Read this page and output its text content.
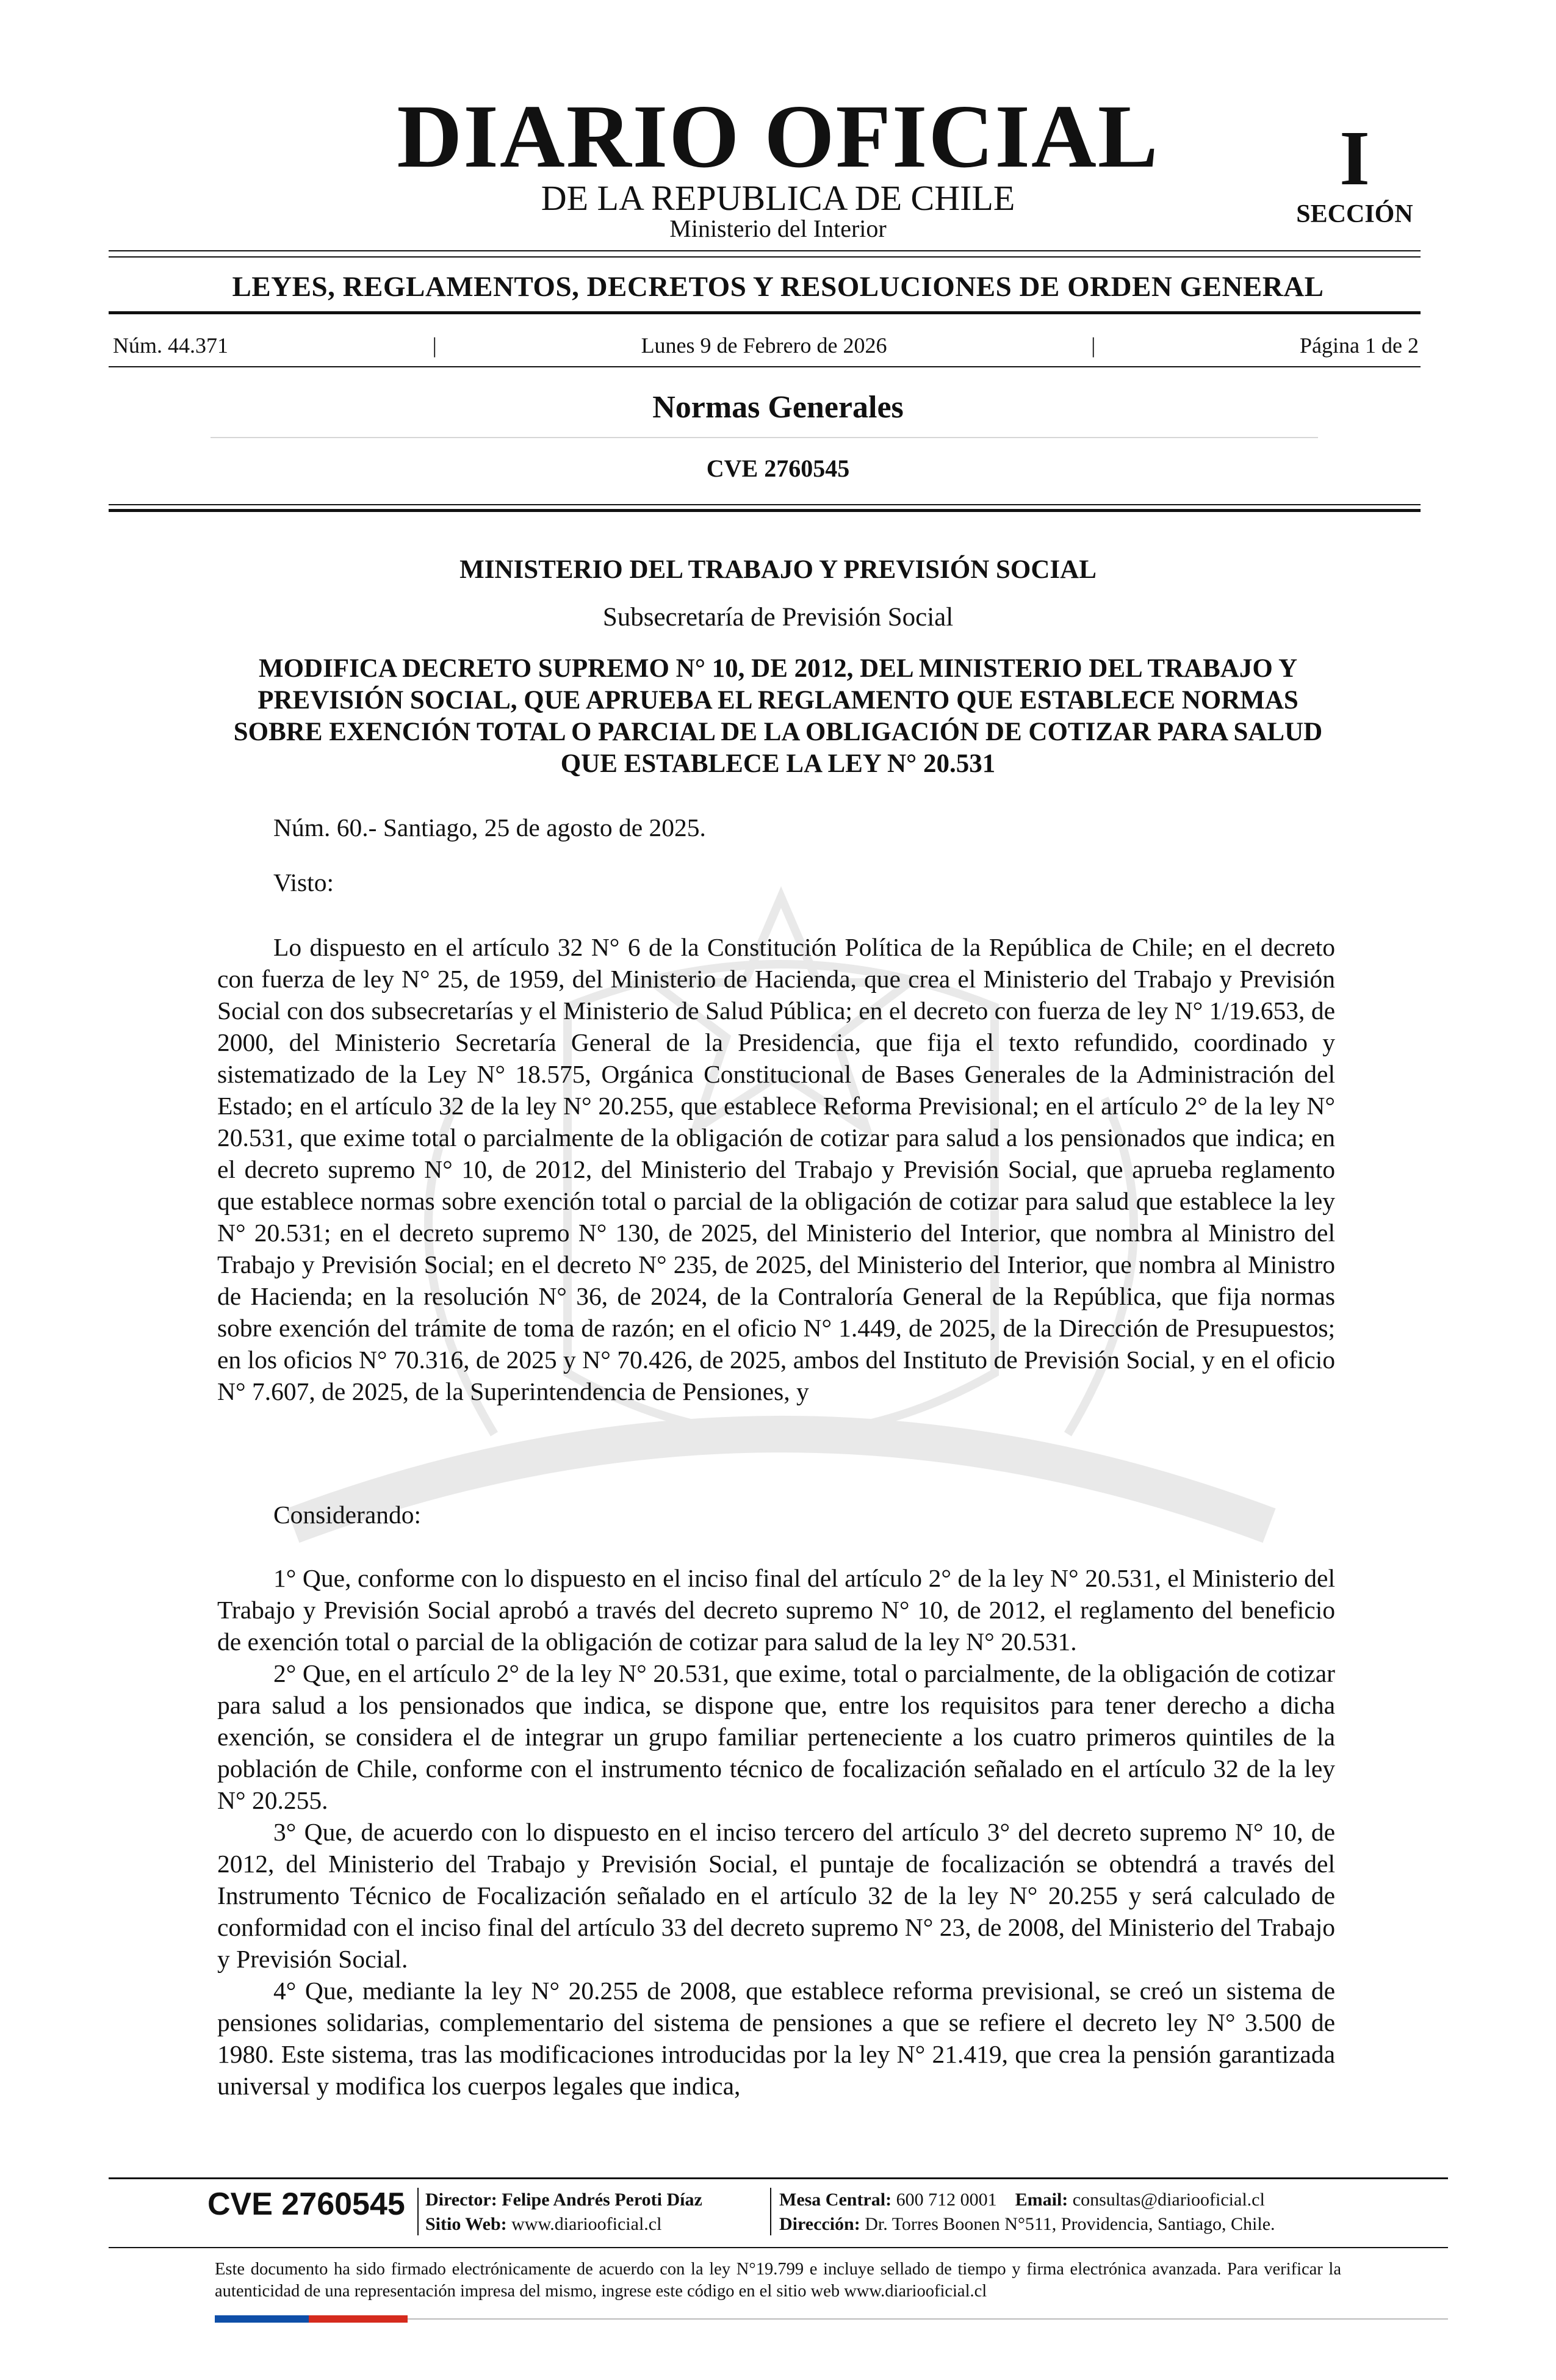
DIARIO OFICIAL
DE LA REPUBLICA DE CHILE
Ministerio del Interior
I
SECCIÓN
LEYES, REGLAMENTOS, DECRETOS Y RESOLUCIONES DE ORDEN GENERAL
Núm. 44.371	|	Lunes 9 de Febrero de 2026	|	Página 1 de 2
Normas Generales
CVE 2760545
MINISTERIO DEL TRABAJO Y PREVISIÓN SOCIAL
Subsecretaría de Previsión Social
MODIFICA DECRETO SUPREMO N° 10, DE 2012, DEL MINISTERIO DEL TRABAJO Y PREVISIÓN SOCIAL, QUE APRUEBA EL REGLAMENTO QUE ESTABLECE NORMAS SOBRE EXENCIÓN TOTAL O PARCIAL DE LA OBLIGACIÓN DE COTIZAR PARA SALUD QUE ESTABLECE LA LEY N° 20.531

Núm. 60.- Santiago, 25 de agosto de 2025.

Visto:

Lo dispuesto en el artículo 32 N° 6 de la Constitución Política de la República de Chile; en el decreto con fuerza de ley N° 25, de 1959, del Ministerio de Hacienda, que crea el Ministerio del Trabajo y Previsión Social con dos subsecretarías y el Ministerio de Salud Pública; en el decreto con fuerza de ley N° 1/19.653, de 2000, del Ministerio Secretaría General de la Presidencia, que fija el texto refundido, coordinado y sistematizado de la Ley N° 18.575, Orgánica Constitucional de Bases Generales de la Administración del Estado; en el artículo 32 de la ley N° 20.255, que establece Reforma Previsional; en el artículo 2° de la ley N° 20.531, que exime total o parcialmente de la obligación de cotizar para salud a los pensionados que indica; en el decreto supremo N° 10, de 2012, del Ministerio del Trabajo y Previsión Social, que aprueba reglamento que establece normas sobre exención total o parcial de la obligación de cotizar para salud que establece la ley N° 20.531; en el decreto supremo N° 130, de 2025, del Ministerio del Interior, que nombra al Ministro del Trabajo y Previsión Social; en el decreto N° 235, de 2025, del Ministerio del Interior, que nombra al Ministro de Hacienda; en la resolución N° 36, de 2024, de la Contraloría General de la República, que fija normas sobre exención del trámite de toma de razón; en el oficio N° 1.449, de 2025, de la Dirección de Presupuestos; en los oficios N° 70.316, de 2025 y N° 70.426, de 2025, ambos del Instituto de Previsión Social, y en el oficio N° 7.607, de 2025, de la Superintendencia de Pensiones, y

Considerando:

1° Que, conforme con lo dispuesto en el inciso final del artículo 2° de la ley N° 20.531, el Ministerio del Trabajo y Previsión Social aprobó a través del decreto supremo N° 10, de 2012, el reglamento del beneficio de exención total o parcial de la obligación de cotizar para salud de la ley N° 20.531.

2° Que, en el artículo 2° de la ley N° 20.531, que exime, total o parcialmente, de la obligación de cotizar para salud a los pensionados que indica, se dispone que, entre los requisitos para tener derecho a dicha exención, se considera el de integrar un grupo familiar perteneciente a los cuatro primeros quintiles de la población de Chile, conforme con el instrumento técnico de focalización señalado en el artículo 32 de la ley N° 20.255.

3° Que, de acuerdo con lo dispuesto en el inciso tercero del artículo 3° del decreto supremo N° 10, de 2012, del Ministerio del Trabajo y Previsión Social, el puntaje de focalización se obtendrá a través del Instrumento Técnico de Focalización señalado en el artículo 32 de la ley N° 20.255 y será calculado de conformidad con el inciso final del artículo 33 del decreto supremo N° 23, de 2008, del Ministerio del Trabajo y Previsión Social.

4° Que, mediante la ley N° 20.255 de 2008, que establece reforma previsional, se creó un sistema de pensiones solidarias, complementario del sistema de pensiones a que se refiere el decreto ley N° 3.500 de 1980. Este sistema, tras las modificaciones introducidas por la ley N° 21.419, que crea la pensión garantizada universal y modifica los cuerpos legales que indica,

CVE 2760545 Director: Felipe Andrés Peroti Díaz
Sitio Web: www.diariooficial.cl
Mesa Central: 600 712 0001 Email: consultas@diariooficial.cl
Dirección: Dr. Torres Boonen N°511, Providencia, Santiago, Chile.
Este documento ha sido firmado electrónicamente de acuerdo con la ley N°19.799 e incluye sellado de tiempo y firma electrónica avanzada. Para verificar la autenticidad de una representación impresa del mismo, ingrese este código en el sitio web www.diariooficial.cl
